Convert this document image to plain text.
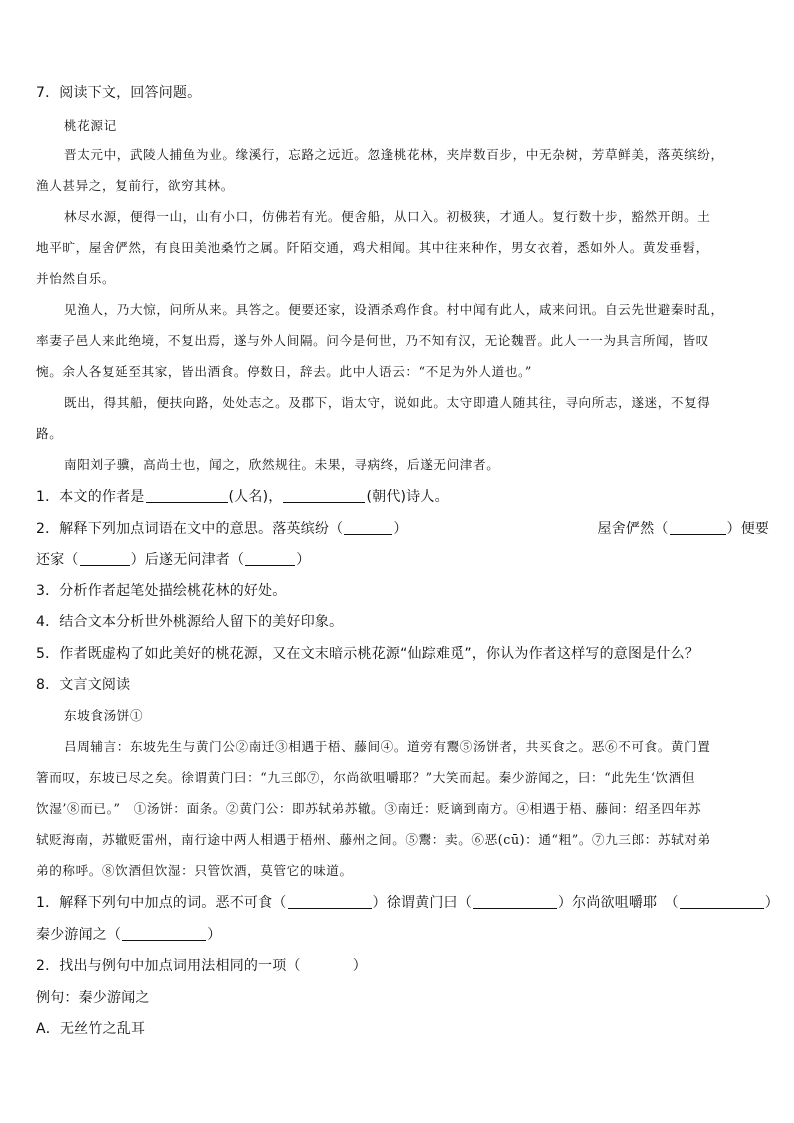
7．阅读下文，回答问题。
桃花源记
晋太元中，武陵人捕鱼为业。缘溪行，忘路之远近。忽逢桃花林，夹岸数百步，中无杂树，芳草鲜美，落英缤纷，
渔人甚异之，复前行，欲穷其林。
林尽水源，便得一山，山有小口，仿佛若有光。便舍船，从口入。初极狭，才通人。复行数十步，豁然开朗。土
地平旷，屋舍俨然，有良田美池桑竹之属。阡陌交通，鸡犬相闻。其中往来种作，男女衣着，悉如外人。黄发垂髫，
并怡然自乐。
见渔人，乃大惊，问所从来。具答之。便要还家，设酒杀鸡作食。村中闻有此人，咸来问讯。自云先世避秦时乱，
率妻子邑人来此绝境，不复出焉，遂与外人间隔。问今是何世，乃不知有汉，无论魏晋。此人一一为具言所闻，皆叹
惋。余人各复延至其家，皆出酒食。停数日，辞去。此中人语云：“不足为外人道也。”
既出，得其船，便扶向路，处处志之。及郡下，诣太守，说如此。太守即遣人随其往，寻向所志，遂迷，不复得
路。
南阳刘子骥，高尚士也，闻之，欣然规往。未果，寻病终，后遂无问津者。
1．本文的作者是	(人名)，	(朝代)诗人。
2．解释下列加点词语在文中的意思。落英缤纷（	）	屋舍俨然（	）便要
还家（	）后遂无问津者（	）
3．分析作者起笔处描绘桃花林的好处。
4．结合文本分析世外桃源给人留下的美好印象。
5．作者既虚构了如此美好的桃花源，又在文末暗示桃花源“仙踪难觅”，你认为作者这样写的意图是什么？
8．文言文阅读
东坡食汤饼①
吕周辅言：东坡先生与黄门公②南迁③相遇于梧、藤间④。道旁有鬻⑤汤饼者，共买食之。恶⑥不可食。黄门置
箸而叹，东坡已尽之矣。徐谓黄门曰：“九三郎⑦，尔尚欲咀嚼耶？”大笑而起。秦少游闻之，曰：“此先生‘饮酒但
饮湿’⑧而已。”　①汤饼：面条。②黄门公：即苏轼弟苏辙。③南迁：贬谪到南方。④相遇于梧、藤间：绍圣四年苏
轼贬海南，苏辙贬雷州，南行途中两人相遇于梧州、藤州之间。⑤鬻：卖。⑥恶(cū)：通“粗”。⑦九三郎：苏轼对弟
弟的称呼。⑧饮酒但饮湿：只管饮酒，莫管它的味道。
1．解释下列句中加点的词。恶不可食（	）徐谓黄门曰（	）尔尚欲咀嚼耶　（	）
秦少游闻之（	）
2．找出与例句中加点词用法相同的一项（	）
例句：秦少游闻之
A．无丝竹之乱耳
